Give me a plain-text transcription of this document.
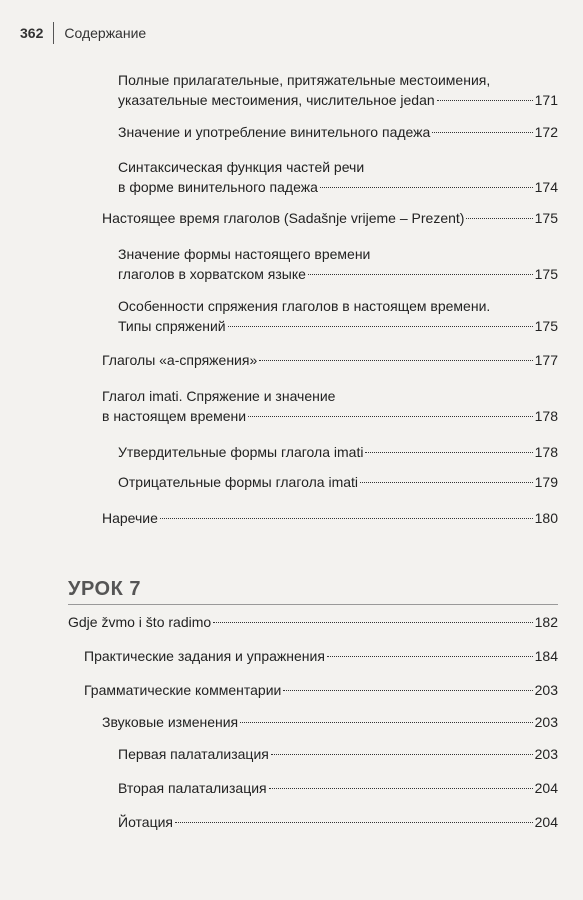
362 Содержание
Полные прилагательные, притяжательные местоимения,
указательные местоимения, числительное jedan	171
Значение и употребление винительного падежа	172
Синтаксическая функция частей речи
в форме винительного падежа	174
Настоящее время глаголов (Sadašnje vrijeme – Prezent)	175
Значение формы настоящего времени
глаголов в хорватском языке	175
Особенности спряжения глаголов в настоящем времени.
Типы спряжений	175
Глаголы «а-спряжения»	177
Глагол imati. Спряжение и значение
в настоящем времени	178
Утвердительные формы глагола imati	178
Отрицательные формы глагола imati	179
Наречие	180
УРОК 7
Gdje žvmo i što radimo	182
Практические задания и упражнения	184
Грамматические комментарии	203
Звуковые изменения	203
Первая палатализация	203
Вторая палатализация	204
Йотация	204
